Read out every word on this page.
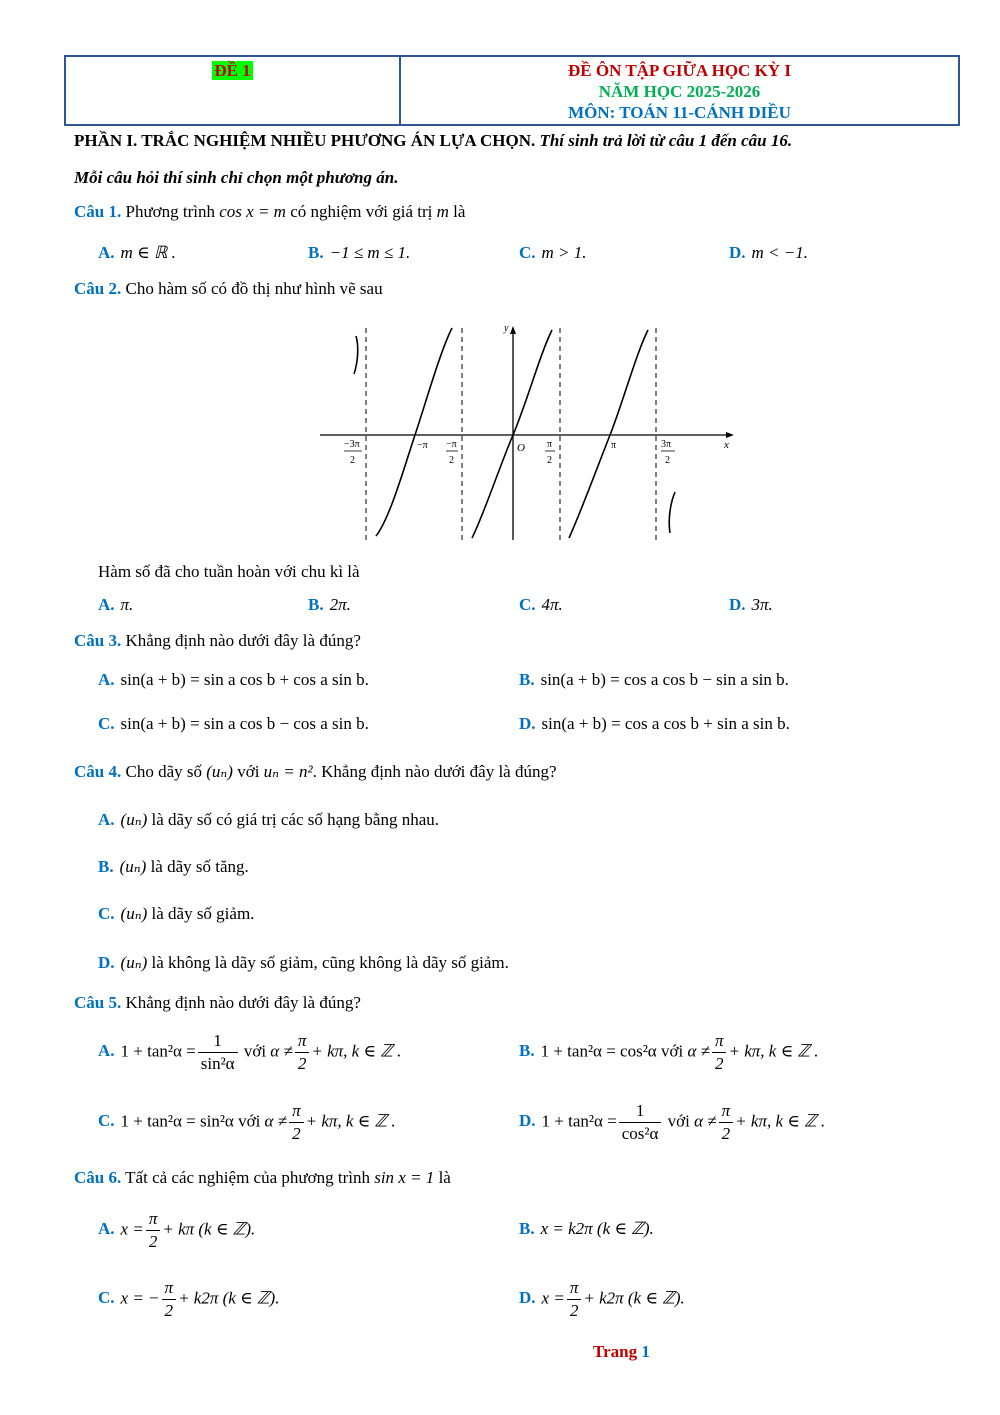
ĐỀ 1	ĐỀ ÔN TẬP GIỮA HỌC KỲ I
NĂM HỌC 2025-2026
MÔN: TOÁN 11-CÁNH DIỀU
PHẦN I. TRẮC NGHIỆM NHIỀU PHƯƠNG ÁN LỰA CHỌN. Thí sinh trả lời từ câu 1 đến câu 16.
Mỗi câu hỏi thí sinh chỉ chọn một phương án.
Câu 1. Phương trình cos x = m có nghiệm với giá trị m là
A. m ∈ ℝ .	B. −1 ≤ m ≤ 1.	C. m > 1.	D. m < −1.
Câu 2. Cho hàm số có đồ thị như hình vẽ sau
y
x
O
−3π
2
−π −π
2
π
2
π	3π
2
Hàm số đã cho tuần hoàn với chu kì là
A. π.	B. 2π.	C. 4π.	D. 3π.
Câu 3. Khẳng định nào dưới đây là đúng?
A. sin(a + b) = sin a cos b + cos a sin b.	B. sin(a + b) = cos a cos b − sin a sin b.
C. sin(a + b) = sin a cos b − cos a sin b.	D. sin(a + b) = cos a cos b + sin a sin b.
Câu 4. Cho dãy số (uₙ) với uₙ = n². Khẳng định nào dưới đây là đúng?
A. (uₙ) là dãy số có giá trị các số hạng bằng nhau.
B. (uₙ) là dãy số tăng.
C. (uₙ) là dãy số giảm.
D. (uₙ) là không là dãy số giảm, cũng không là dãy số giảm.
Câu 5. Khẳng định nào dưới đây là đúng?
A. $1 + \tan^2\alpha = \frac{1}{\text{sin²α}}$ với $\alpha \ne \frac{\pi}{2} + k\pi$, k ∈ ℤ .	B. 1 + tan²α = cos²α với $\alpha \ne \frac{\pi}{2} + k\pi$, k ∈ ℤ .
C. 1 + tan²α = sin²α với $\alpha \ne \frac{\pi}{2} + k\pi$, k ∈ ℤ .	D. $1 + \tan^2\alpha = \frac{1}{\text{cos²α}}$ với $\alpha \ne \frac{\pi}{2} + k\pi$, k ∈ ℤ .
Câu 6. Tất cả các nghiệm của phương trình sin x = 1 là
A. $x = \frac{\pi}{2} + k\pi$ (k ∈ ℤ).	B. x = k2π (k ∈ ℤ).
C. x = − $\frac{\pi}{2} + k2\pi$ (k ∈ ℤ).	D. $x = \frac{\pi}{2} + k2\pi$ (k ∈ ℤ).
Trang 1
